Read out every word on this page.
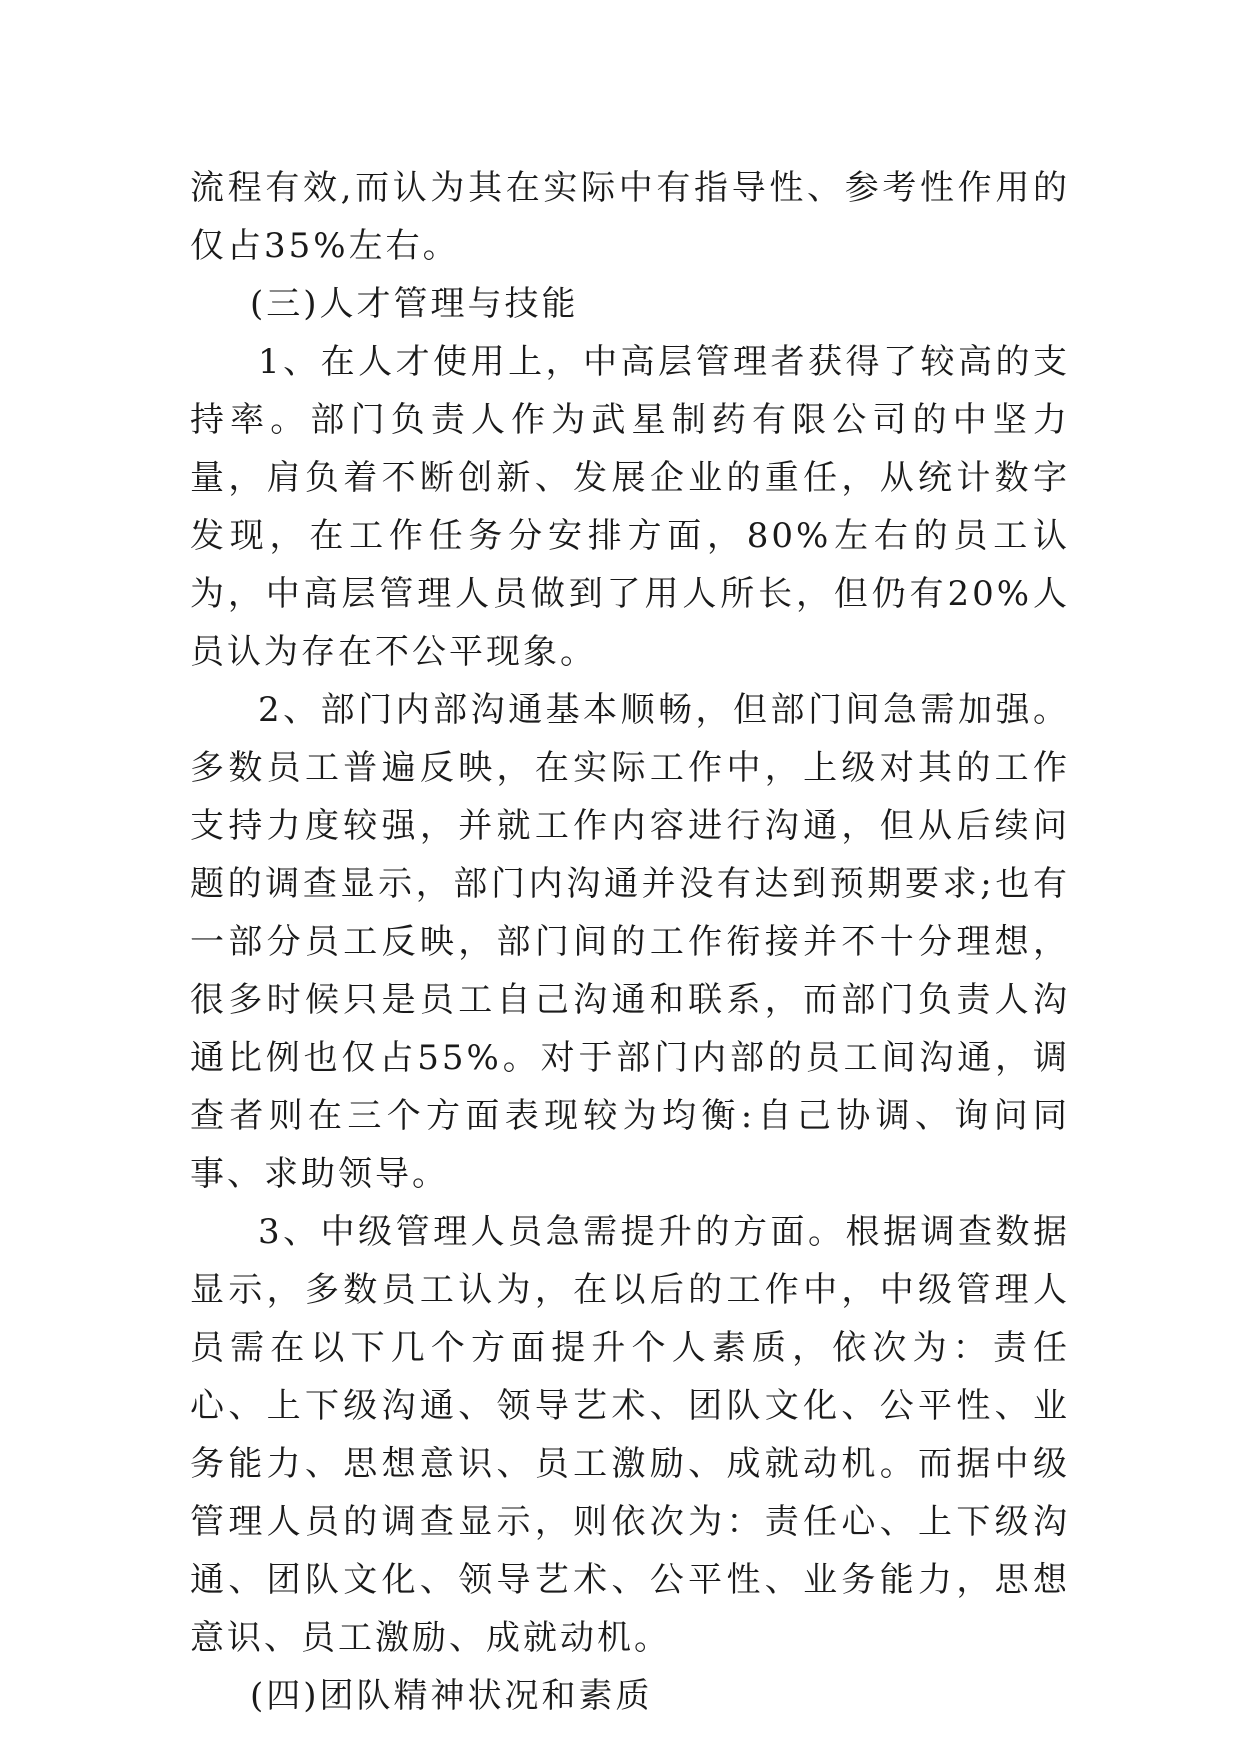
流程有效,而认为其在实际中有指导性、参考性作用的仅占35%左右。

(三)人才管理与技能

1、在人才使用上，中高层管理者获得了较高的支持率。部门负责人作为武星制药有限公司的中坚力量，肩负着不断创新、发展企业的重任，从统计数字发现，在工作任务分安排方面，80%左右的员工认为，中高层管理人员做到了用人所长，但仍有20%人员认为存在不公平现象。

2、部门内部沟通基本顺畅，但部门间急需加强。多数员工普遍反映，在实际工作中，上级对其的工作支持力度较强，并就工作内容进行沟通，但从后续问题的调查显示，部门内沟通并没有达到预期要求;也有一部分员工反映，部门间的工作衔接并不十分理想，很多时候只是员工自己沟通和联系，而部门负责人沟通比例也仅占55%。对于部门内部的员工间沟通，调查者则在三个方面表现较为均衡:自己协调、询问同事、求助领导。

3、中级管理人员急需提升的方面。根据调查数据显示，多数员工认为，在以后的工作中，中级管理人员需在以下几个方面提升个人素质，依次为：责任心、上下级沟通、领导艺术、团队文化、公平性、业务能力、思想意识、员工激励、成就动机。而据中级管理人员的调查显示，则依次为：责任心、上下级沟通、团队文化、领导艺术、公平性、业务能力，思想意识、员工激励、成就动机。

(四)团队精神状况和素质
